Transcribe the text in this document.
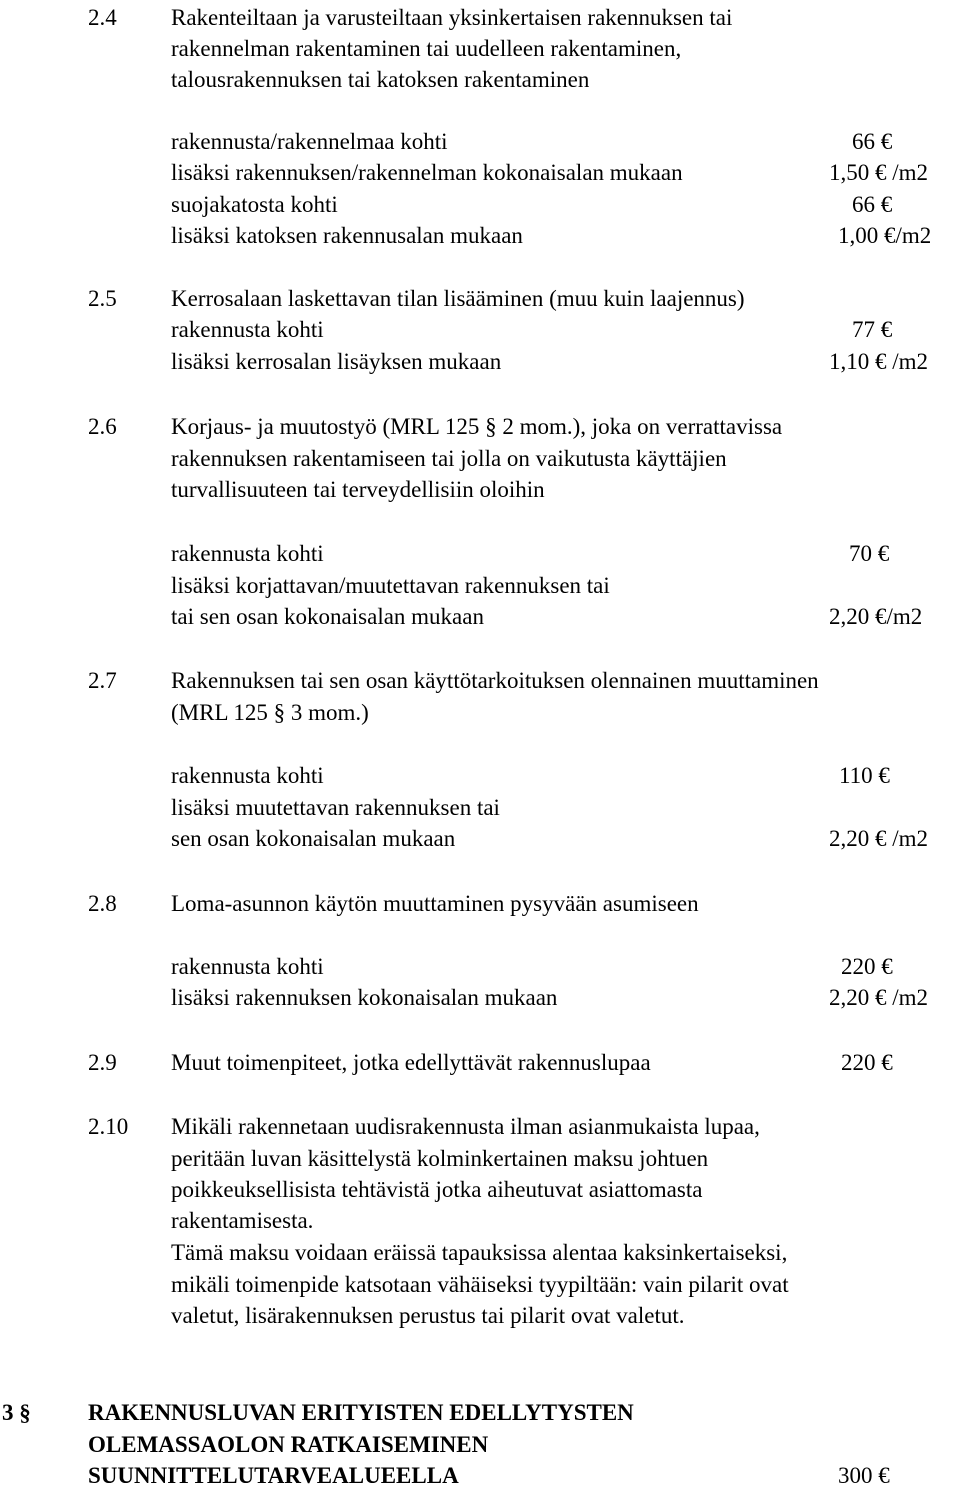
2.4 Rakenteiltaan ja varusteiltaan yksinkertaisen rakennuksen tai
rakennelman rakentaminen tai uudelleen rakentaminen,
talousrakennuksen tai katoksen rakentaminen
rakennusta/rakennelmaa kohti	66 €
lisäksi rakennuksen/rakennelman kokonaisalan mukaan	1,50 € /m2
suojakatosta kohti	66 €
lisäksi katoksen rakennusalan mukaan	1,00 €/m2
2.5 Kerrosalaan laskettavan tilan lisääminen (muu kuin laajennus)
rakennusta kohti	77 €
lisäksi kerrosalan lisäyksen mukaan	1,10 € /m2
2.6 Korjaus- ja muutostyö (MRL 125 § 2 mom.), joka on verrattavissa
rakennuksen rakentamiseen tai jolla on vaikutusta käyttäjien
turvallisuuteen tai terveydellisiin oloihin
rakennusta kohti	70 €
lisäksi korjattavan/muutettavan rakennuksen tai
tai sen osan kokonaisalan mukaan	2,20 €/m2
2.7 Rakennuksen tai sen osan käyttötarkoituksen olennainen muuttaminen
(MRL 125 § 3 mom.)
rakennusta kohti	110 €
lisäksi muutettavan rakennuksen tai
sen osan kokonaisalan mukaan	2,20 € /m2
2.8 Loma-asunnon käytön muuttaminen pysyvään asumiseen
rakennusta kohti	220 €
lisäksi rakennuksen kokonaisalan mukaan	2,20 € /m2
2.9 Muut toimenpiteet, jotka edellyttävät rakennuslupaa	220 €
2.10 Mikäli rakennetaan uudisrakennusta ilman asianmukaista lupaa,
peritään luvan käsittelystä kolminkertainen maksu johtuen
poikkeuksellisista tehtävistä jotka aiheutuvat asiattomasta
rakentamisesta.
Tämä maksu voidaan eräissä tapauksissa alentaa kaksinkertaiseksi,
mikäli toimenpide katsotaan vähäiseksi tyypiltään: vain pilarit ovat
valetut, lisärakennuksen perustus tai pilarit ovat valetut.
3 § RAKENNUSLUVAN ERITYISTEN EDELLYTYSTEN
OLEMASSAOLON RATKAISEMINEN
SUUNNITTELUTARVEALUEELLA	300 €
